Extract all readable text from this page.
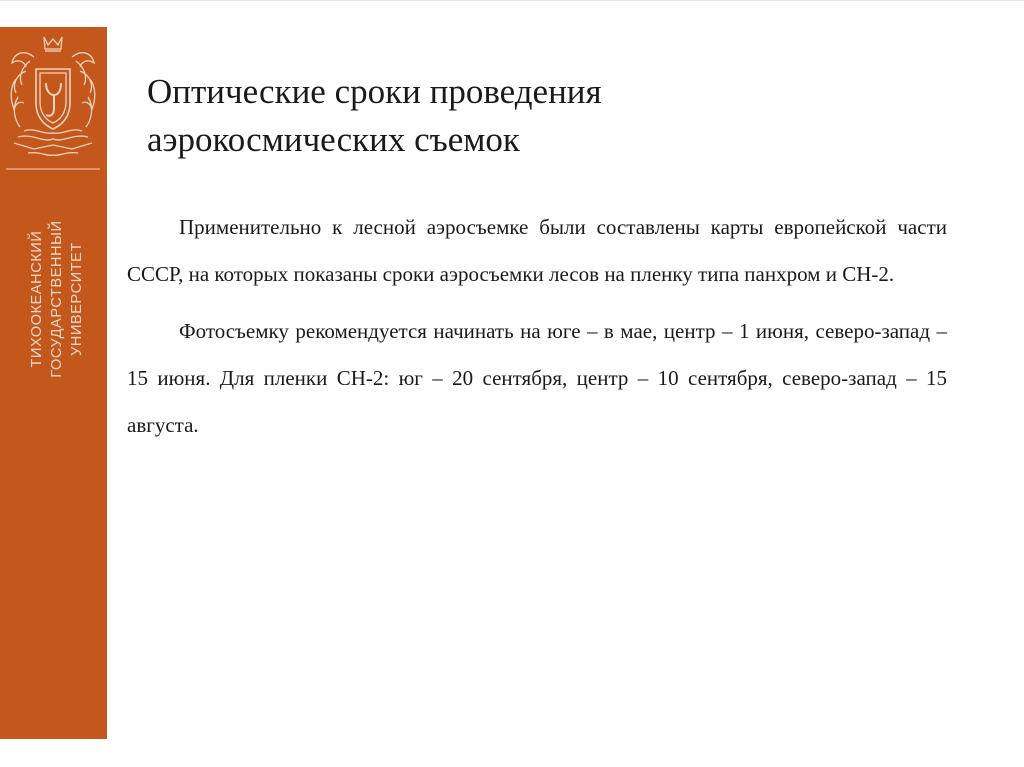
ТИХООКЕАНСКИЙ ГОСУДАРСТВЕННЫЙ УНИВЕРСИТЕТ
Оптические сроки проведения
аэрокосмических съемок

Применительно к лесной аэросъемке были составлены карты европейской части СССР, на которых показаны сроки аэросъемки лесов на пленку типа панхром и СН-2.

Фотосъемку рекомендуется начинать на юге – в мае, центр – 1 июня, северо-запад – 15 июня. Для пленки СН-2: юг – 20 сентября, центр – 10 сентября, северо-запад – 15 августа.
